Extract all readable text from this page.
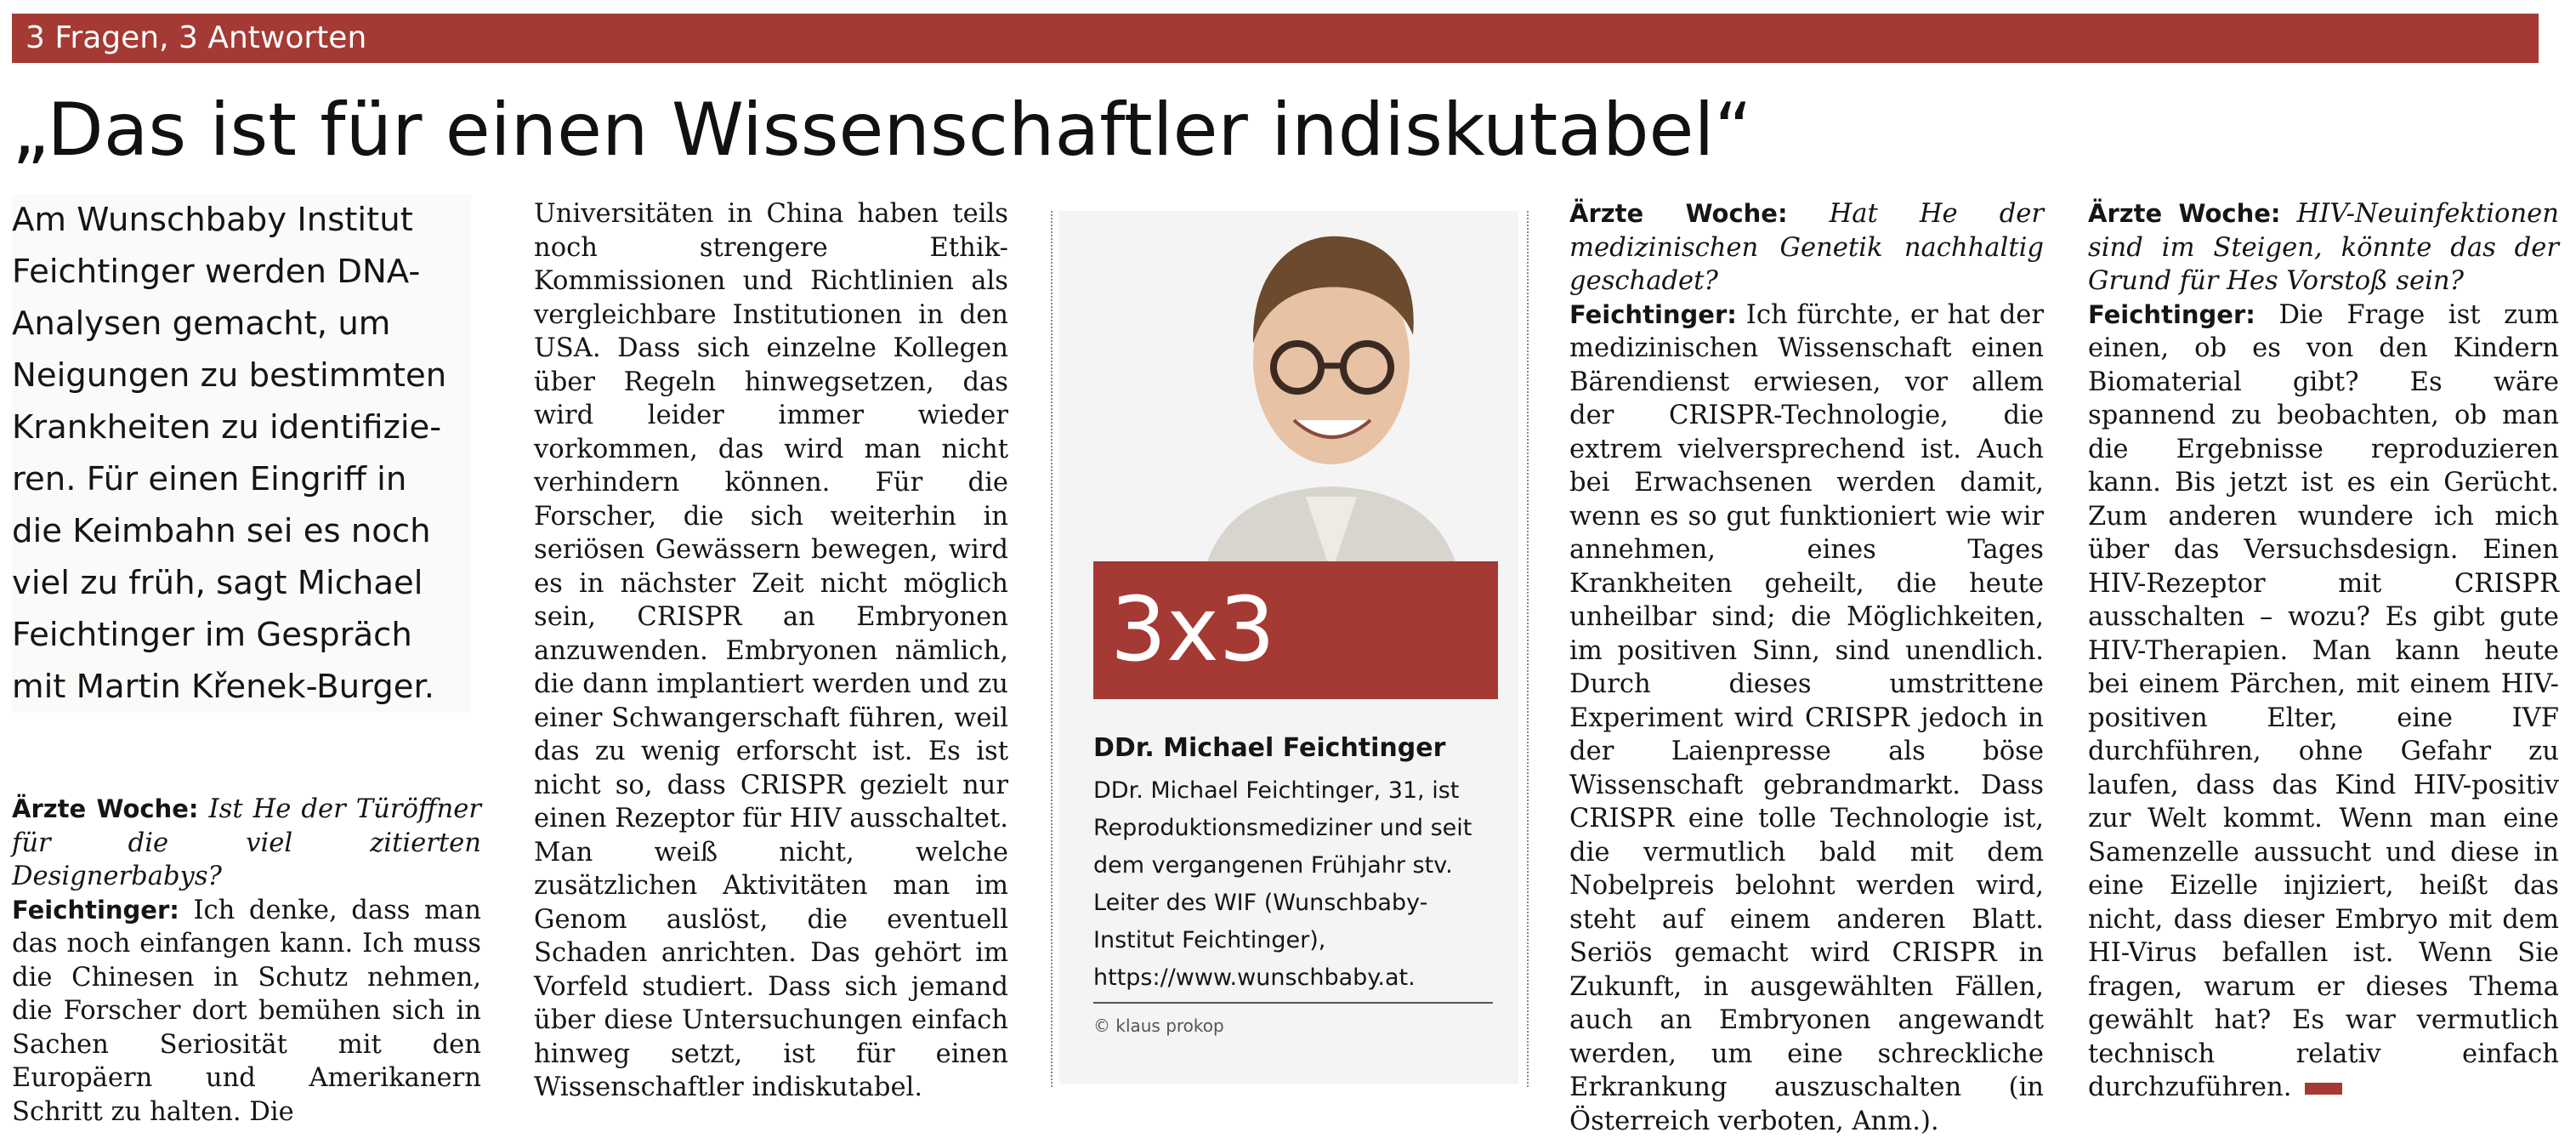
3 Fragen, 3 Antworten
„Das ist für einen Wissenschaftler indiskutabel“

Am Wunschbaby Institut

Feichtinger werden DNA-

Analysen gemacht, um

Neigungen zu bestimmten

Krankheiten zu identifizie-

ren. Für einen Eingriff in

die Keimbahn sei es noch

viel zu früh, sagt Michael

Feichtinger im Gespräch

mit Martin Křenek-Burger.

Ärzte Woche: Ist He der Türöffner für die viel zitierten Designerbabys?

Feichtinger: Ich denke, dass man das noch einfangen kann. Ich muss die Chinesen in Schutz nehmen, die Forscher dort bemühen sich in Sachen Seriosität mit den Europäern und Amerikanern Schritt zu halten. Die

Universitäten in China haben teils noch strengere Ethik-Kommissionen und Richtlinien als vergleichbare Institutionen in den USA. Dass sich einzelne Kollegen über Regeln hinwegsetzen, das wird leider immer wieder vorkommen, das wird man nicht verhindern können. Für die Forscher, die sich weiterhin in seriösen Gewässern bewegen, wird es in nächster Zeit nicht möglich sein, CRISPR an Embryonen anzuwenden. Embryonen nämlich, die dann implantiert werden und zu einer Schwangerschaft führen, weil das zu wenig erforscht ist. Es ist nicht so, dass CRISPR gezielt nur einen Rezeptor für HIV ausschaltet. Man weiß nicht, welche zusätzlichen Aktivitäten man im Genom auslöst, die eventuell Schaden anrichten. Das gehört im Vorfeld studiert. Dass sich jemand über diese Untersuchungen einfach hinweg setzt, ist für einen Wissenschaftler indiskutabel.

3x3
DDr. Michael Feichtinger
DDr. Michael Feichtinger, 31, ist Reproduktionsmediziner und seit dem vergangenen Frühjahr stv. Leiter des WIF (Wunschbaby-Institut Feichtinger), https://www.wunschbaby.at.
© klaus prokop

Ärzte Woche: Hat He der medizinischen Genetik nachhaltig geschadet?

Feichtinger: Ich fürchte, er hat der medizinischen Wissenschaft einen Bärendienst erwiesen, vor allem der CRISPR-Technologie, die extrem vielversprechend ist. Auch bei Erwachsenen werden damit, wenn es so gut funktioniert wie wir annehmen, eines Tages Krankheiten geheilt, die heute unheilbar sind; die Möglichkeiten, im positiven Sinn, sind unendlich. Durch dieses umstrittene Experiment wird CRISPR jedoch in der Laienpresse als böse Wissenschaft gebrandmarkt. Dass CRISPR eine tolle Technologie ist, die vermutlich bald mit dem Nobelpreis belohnt werden wird, steht auf einem anderen Blatt. Seriös gemacht wird CRISPR in Zukunft, in ausgewählten Fällen, auch an Embryonen angewandt werden, um eine schreckliche Erkrankung auszuschalten (in Österreich verboten, Anm.).

Ärzte Woche: HIV-Neuinfektionen sind im Steigen, könnte das der Grund für Hes Vorstoß sein?

Feichtinger: Die Frage ist zum einen, ob es von den Kindern Biomaterial gibt? Es wäre spannend zu beobachten, ob man die Ergebnisse reproduzieren kann. Bis jetzt ist es ein Gerücht. Zum anderen wundere ich mich über das Versuchsdesign. Einen HIV-Rezeptor mit CRISPR ausschalten – wozu? Es gibt gute HIV-Therapien. Man kann heute bei einem Pärchen, mit einem HIV-positiven Elter, eine IVF durchführen, ohne Gefahr zu laufen, dass das Kind HIV-positiv zur Welt kommt. Wenn man eine Samenzelle aussucht und diese in eine Eizelle injiziert, heißt das nicht, dass dieser Embryo mit dem HI-Virus befallen ist. Wenn Sie fragen, warum er dieses Thema gewählt hat? Es war vermutlich technisch relativ einfach durchzuführen.
